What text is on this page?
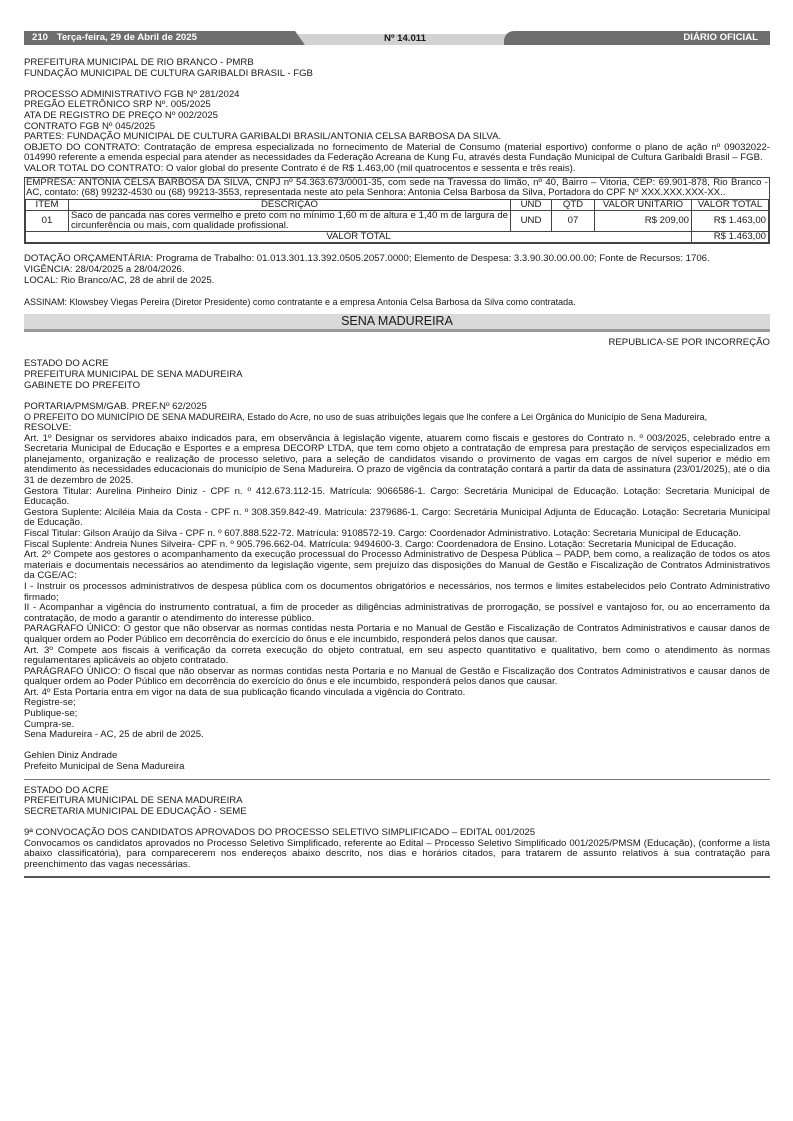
210 Terça-feira, 29 de Abril de 2025	Nº 14.011	DIÁRIO OFICIAL

PREFEITURA MUNICIPAL DE RIO BRANCO - PMRB

FUNDAÇÃO MUNICIPAL DE CULTURA GARIBALDI BRASIL - FGB

PROCESSO ADMINISTRATIVO FGB Nº 281/2024

PREGÃO ELETRÔNICO SRP Nº. 005/2025

ATA DE REGISTRO DE PREÇO Nº 002/2025

CONTRATO FGB Nº 045/2025

PARTES: FUNDAÇÃO MUNICIPAL DE CULTURA GARIBALDI BRASIL/ANTONIA CELSA BARBOSA DA SILVA.

OBJETO DO CONTRATO: Contratação de empresa especializada no fornecimento de Material de Consumo (material esportivo) conforme o plano de ação nº 09032022-014990 referente a emenda especial para atender as necessidades da Federação Acreana de Kung Fu, através desta Fundação Municipal de Cultura Garibaldi Brasil – FGB.

VALOR TOTAL DO CONTRATO: O valor global do presente Contrato é de R$ 1.463,00 (mil quatrocentos e sessenta e três reais).

EMPRESA: ANTONIA CELSA BARBOSA DA SILVA, CNPJ nº 54.363.673/0001-35, com sede na Travessa do limão, nº 40, Bairro – Vitoria, CEP: 69.901-878, Rio Branco - AC, contato: (68) 99232-4530 ou (68) 99213-3553, representada neste ato pela Senhora: Antonia Celsa Barbosa da Silva, Portadora do CPF Nº XXX.XXX.XXX-XX..

ITEM	DESCRIÇÃO	UND	QTD	VALOR UNITÁRIO	VALOR TOTAL
01	Saco de pancada nas cores vermelho e preto com no mínimo 1,60 m de altura e 1,40 m de largura de circunferência ou mais, com qualidade profissional.	UND	07	R$ 209,00	R$ 1.463,00
VALOR TOTAL					R$ 1.463,00

DOTAÇÃO ORÇAMENTÁRIA: Programa de Trabalho: 01.013.301.13.392.0505.2057.0000; Elemento de Despesa: 3.3.90.30.00.00.00; Fonte de Recursos: 1706.

VIGÊNCIA: 28/04/2025 a 28/04/2026.

LOCAL: Rio Branco/AC, 28 de abril de 2025.

ASSINAM: Klowsbey Viegas Pereira (Diretor Presidente) como contratante e a empresa Antonia Celsa Barbosa da Silva como contratada.

SENA MADUREIRA

REPUBLICA-SE POR INCORREÇÃO

ESTADO DO ACRE

PREFEITURA MUNICIPAL DE SENA MADUREIRA

GABINETE DO PREFEITO

PORTARIA/PMSM/GAB. PREF.Nº 62/2025

O PREFEITO DO MUNICÍPIO DE SENA MADUREIRA, Estado do Acre, no uso de suas atribuições legais que lhe confere a Lei Orgânica do Município de Sena Madureira,

RESOLVE:

Art. 1º Designar os servidores abaixo indicados para, em observância à legislação vigente, atuarem como fiscais e gestores do Contrato n. º 003/2025, celebrado entre a Secretaria Municipal de Educação e Esportes e a empresa DECORP LTDA, que tem como objeto a contratação de empresa para prestação de serviços especializados em planejamento, organização e realização de processo seletivo, para a seleção de candidatos visando o provimento de vagas em cargos de nível superior e médio em atendimento às necessidades educacionais do município de Sena Madureira. O prazo de vigência da contratação contará a partir da data de assinatura (23/01/2025), até o dia 31 de dezembro de 2025.

Gestora Titular: Aurelina Pinheiro Diniz - CPF n. º 412.673.112-15. Matrícula: 9066586-1. Cargo: Secretária Municipal de Educação. Lotação: Secretaria Municipal de Educação.

Gestora Suplente: Alciléia Maia da Costa - CPF n. º 308.359.842-49. Matrícula: 2379686-1. Cargo: Secretária Municipal Adjunta de Educação. Lotação: Secretaria Municipal de Educação.

Fiscal Titular: Gilson Araújo da Silva - CPF n. º 607.888.522-72. Matrícula: 9108572-19. Cargo: Coordenador Administrativo. Lotação: Secretaria Municipal de Educação.

Fiscal Suplente: Andreia Nunes Silveira- CPF n. º 905.796.662-04. Matrícula: 9494600-3. Cargo: Coordenadora de Ensino. Lotação: Secretaria Municipal de Educação.

Art. 2º Compete aos gestores o acompanhamento da execução processual do Processo Administrativo de Despesa Pública – PADP, bem como, a realização de todos os atos materiais e documentais necessários ao atendimento da legislação vigente, sem prejuízo das disposições do Manual de Gestão e Fiscalização de Contratos Administrativos da CGE/AC:

I - Instruir os processos administrativos de despesa pública com os documentos obrigatórios e necessários, nos termos e limites estabelecidos pelo Contrato Administrativo firmado;

II - Acompanhar a vigência do instrumento contratual, a fim de proceder as diligências administrativas de prorrogação, se possível e vantajoso for, ou ao encerramento da contratação, de modo a garantir o atendimento do interesse público.

PARAGRAFO ÚNICO: O gestor que não observar as normas contidas nesta Portaria e no Manual de Gestão e Fiscalização de Contratos Administrativos e causar danos de qualquer ordem ao Poder Público em decorrência do exercício do ônus e ele incumbido, responderá pelos danos que causar.

Art. 3º Compete aos fiscais à verificação da correta execução do objeto contratual, em seu aspecto quantitativo e qualitativo, bem como o atendimento às normas regulamentares aplicáveis ao objeto contratado.

PARÁGRAFO ÚNICO: O fiscal que não observar as normas contidas nesta Portaria e no Manual de Gestão e Fiscalização dos Contratos Administrativos e causar danos de qualquer ordem ao Poder Público em decorrência do exercício do ônus e ele incumbido, responderá pelos danos que causar.

Art. 4º Esta Portaria entra em vigor na data de sua publicação ficando vinculada a vigência do Contrato.

Registre-se;

Publique-se;

Cumpra-se.

Sena Madureira - AC, 25 de abril de 2025.

Gehlen Diniz Andrade

Prefeito Municipal de Sena Madureira

ESTADO DO ACRE

PREFEITURA MUNICIPAL DE SENA MADUREIRA

SECRETARIA MUNICIPAL DE EDUCAÇÃO - SEME

9ª CONVOCAÇÃO DOS CANDIDATOS APROVADOS DO PROCESSO SELETIVO SIMPLIFICADO – EDITAL 001/2025

Convocamos os candidatos aprovados no Processo Seletivo Simplificado, referente ao Edital – Processo Seletivo Simplificado 001/2025/PMSM (Educação), (conforme a lista abaixo classificatória), para comparecerem nos endereços abaixo descrito, nos dias e horários citados, para tratarem de assunto relativos à sua contratação para preenchimento das vagas necessárias.
